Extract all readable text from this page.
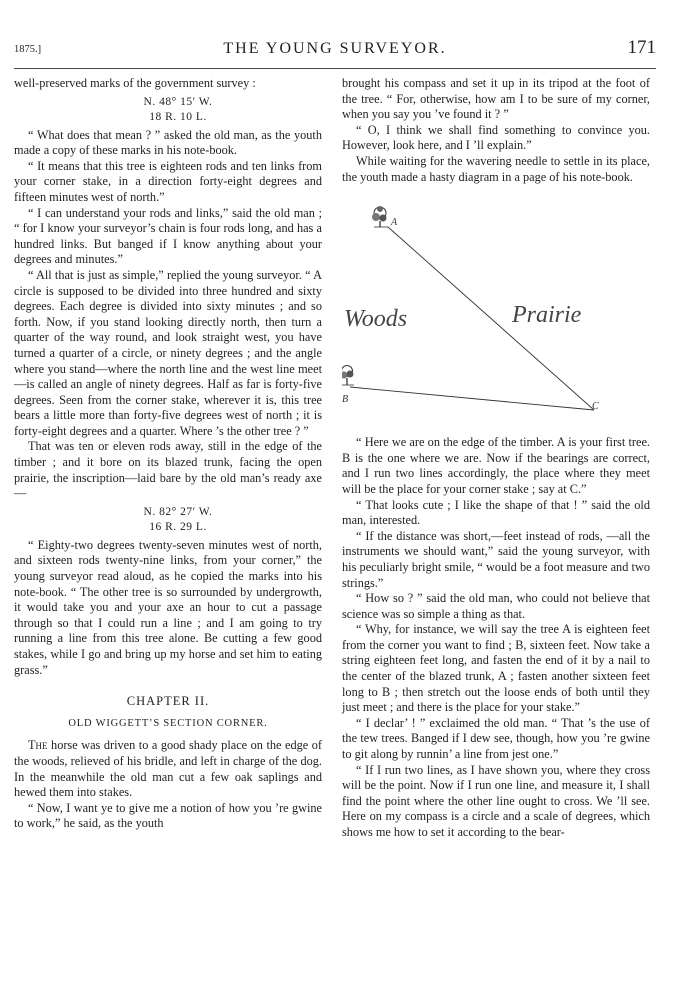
1875.]	THE YOUNG SURVEYOR.	171

well-preserved marks of the government survey :

N. 48° 15′ W.
18 R. 10 L.

“ What does that mean ? ” asked the old man, as the youth made a copy of these marks in his note-book.

“ It means that this tree is eighteen rods and ten links from your corner stake, in a direction forty-eight degrees and fifteen minutes west of north.”

“ I can understand your rods and links,” said the old man ; “ for I know your surveyor’s chain is four rods long, and has a hundred links. But banged if I know anything about your degrees and minutes.”

“ All that is just as simple,” replied the young surveyor. “ A circle is supposed to be divided into three hundred and sixty degrees. Each degree is divided into sixty minutes ; and so forth. Now, if you stand looking directly north, then turn a quarter of the way round, and look straight west, you have turned a quarter of a circle, or ninety degrees ; and the angle where you stand—where the north line and the west line meet—is called an angle of ninety degrees. Half as far is forty-five degrees. Seen from the corner stake, wherever it is, this tree bears a little more than forty-five degrees west of north ; it is forty-eight degrees and a quarter. Where ’s the other tree ? ”

That was ten or eleven rods away, still in the edge of the timber ; and it bore on its blazed trunk, facing the open prairie, the inscription—laid bare by the old man’s ready axe—

N. 82° 27′ W.
16 R. 29 L.

“ Eighty-two degrees twenty-seven minutes west of north, and sixteen rods twenty-nine links, from your corner,” the young surveyor read aloud, as he copied the marks into his note-book. “ The other tree is so surrounded by undergrowth, it would take you and your axe an hour to cut a passage through so that I could run a line ; and I am going to try running a line from this tree alone. Be cutting a few good stakes, while I go and bring up my horse and set him to eating grass.”

CHAPTER II.
OLD WIGGETT’S SECTION CORNER.

The horse was driven to a good shady place on the edge of the woods, relieved of his bridle, and left in charge of the dog. In the meanwhile the old man cut a few oak saplings and hewed them into stakes.

“ Now, I want ye to give me a notion of how you ’re gwine to work,” he said, as the youth

brought his compass and set it up in its tripod at the foot of the tree. “ For, otherwise, how am I to be sure of my corner, when you say you ’ve found it ? ”

“ O, I think we shall find something to convince you. However, look here, and I ’ll explain.”

While waiting for the wavering needle to settle in its place, the youth made a hasty diagram in a page of his note-book.

A
B
C
Woods	Prairie

“ Here we are on the edge of the timber. A is your first tree. B is the one where we are. Now if the bearings are correct, and I run two lines accordingly, the place where they meet will be the place for your corner stake ; say at C.”

“ That looks cute ; I like the shape of that ! ” said the old man, interested.

“ If the distance was short,—feet instead of rods, —all the instruments we should want,” said the young surveyor, with his peculiarly bright smile, “ would be a foot measure and two strings.”

“ How so ? ” said the old man, who could not believe that science was so simple a thing as that.

“ Why, for instance, we will say the tree A is eighteen feet from the corner you want to find ; B, sixteen feet. Now take a string eighteen feet long, and fasten the end of it by a nail to the center of the blazed trunk, A ; fasten another sixteen feet long to B ; then stretch out the loose ends of both until they just meet ; and there is the place for your stake.”

“ I declar’ ! ” exclaimed the old man. “ That ’s the use of the tew trees. Banged if I dew see, though, how you ’re gwine to git along by runnin’ a line from jest one.”

“ If I run two lines, as I have shown you, where they cross will be the point. Now if I run one line, and measure it, I shall find the point where the other line ought to cross. We ’ll see. Here on my compass is a circle and a scale of degrees, which shows me how to set it according to the bear-
